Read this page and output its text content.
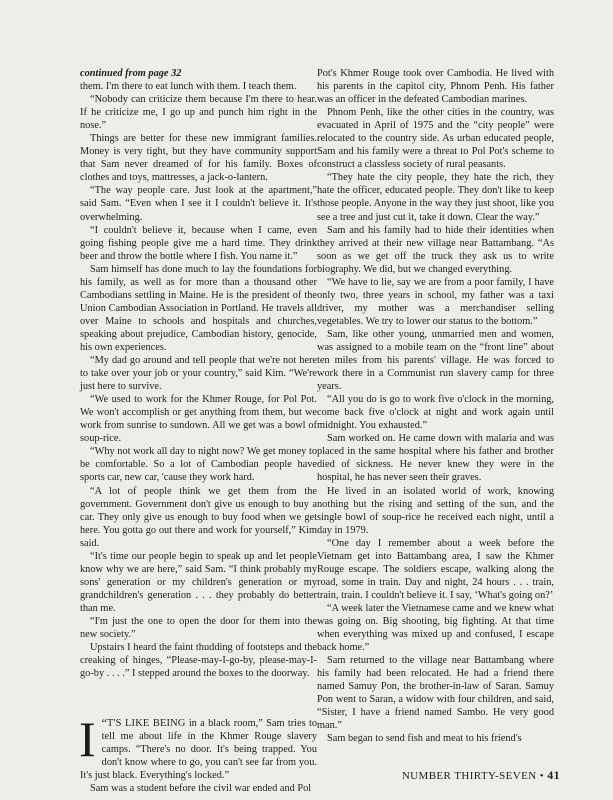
continued from page 32

them. I'm there to eat lunch with them. I teach them.

“Nobody can criticize them because I'm there to hear. If he criticize me, I go up and punch him right in the nose.”

Things are better for these new immigrant families. Money is very tight, but they have community support that Sam never dreamed of for his family. Boxes of clothes and toys, mattresses, a jack-o-lantern.

“The way people care. Just look at the apartment,” said Sam. “Even when I see it I couldn't believe it. It's overwhelming.

“I couldn't believe it, because when I came, even going fishing people give me a hard time. They drink beer and throw the bottle where I fish. You name it.”

Sam himself has done much to lay the foundations for his family, as well as for more than a thousand other Cambodians settling in Maine. He is the president of the Union Cambodian Association in Portland. He travels all over Maine to schools and hospitals and churches, speaking about prejudice, Cambodian history, genocide, his own experiences.

“My dad go around and tell people that we're not here to take over your job or your country,” said Kim. “We're just here to survive.

“We used to work for the Khmer Rouge, for Pol Pot. We won't accomplish or get anything from them, but we work from sunrise to sundown. All we get was a bowl of soup-rice.

“Why not work all day to night now? We get money to be comfortable. So a lot of Cambodian people have sports car, new car, 'cause they work hard.

“A lot of people think we get them from the government. Government don't give us enough to buy a car. They only give us enough to buy food when we get here. You gotta go out there and work for yourself,” Kim said.

“It's time our people begin to speak up and let people know why we are here,” said Sam. “I think probably my sons' generation or my children's generation or my grandchildren's generation . . . they probably do better than me.

“I'm just the one to open the door for them into the new society.”

Upstairs I heard the faint thudding of footsteps and the creaking of hinges, “Please-may-I-go-by, please-may-I-go-by . . . .” I stepped around the boxes to the doorway.

“
I T'S LIKE BEING in a black room,” Sam tries to tell me about life in the Khmer Rouge slavery camps. “There's no door. It's being trapped. You don't know where to go, you can't see far from you. It's just black. Everything's locked.”

Sam was a student before the civil war ended and Pol

Pot's Khmer Rouge took over Cambodia. He lived with his parents in the capitol city, Phnom Penh. His father was an officer in the defeated Cambodian marines.

Phnom Penh, like the other cities in the country, was evacuated in April of 1975 and the “city people” were relocated to the country side. As urban educated people, Sam and his family were a threat to Pol Pot's scheme to construct a classless society of rural peasants.

“They hate the city people, they hate the rich, they hate the officer, educated people. They don't like to keep those people. Anyone in the way they just shoot, like you see a tree and just cut it, take it down. Clear the way.”

Sam and his family had to hide their identities when they arrived at their new village near Battambang. “As soon as we get off the truck they ask us to write biography. We did, but we changed everything.

“We have to lie, say we are from a poor family, I have only two, three years in school, my father was a taxi driver, my mother was a merchandiser selling vegetables. We try to lower our status to the bottom.”

Sam, like other young, unmarried men and women, was assigned to a mobile team on the “front line” about ten miles from his parents' village. He was forced to work there in a Communist run slavery camp for three years.

“All you do is go to work five o'clock in the morning, come back five o'clock at night and work again until midnight. You exhausted.”

Sam worked on. He came down with malaria and was placed in the same hospital where his father and brother died of sickness. He never knew they were in the hospital, he has never seen their graves.

He lived in an isolated world of work, knowing nothing but the rising and setting of the sun, and the single bowl of soup-rice he received each night, until a day in 1979.

“One day I remember about a week before the Vietnam get into Battambang area, I saw the Khmer Rouge escape. The soldiers escape, walking along the road, some in train. Day and night, 24 hours . . . train, train, train. I couldn't believe it. I say, ‘What's going on?’

“A week later the Vietnamese came and we knew what was going on. Big shooting, big fighting. At that time when everything was mixed up and confused, I escape back home.”

Sam returned to the village near Battambang where his family had been relocated. He had a friend there named Samuy Pon, the brother-in-law of Saran. Samuy Pon went to Saran, a widow with four children, and said, “Sister, I have a friend named Sambo. He very good man.”

Sam began to send fish and meat to his friend's

NUMBER THIRTY-SEVEN • 41
